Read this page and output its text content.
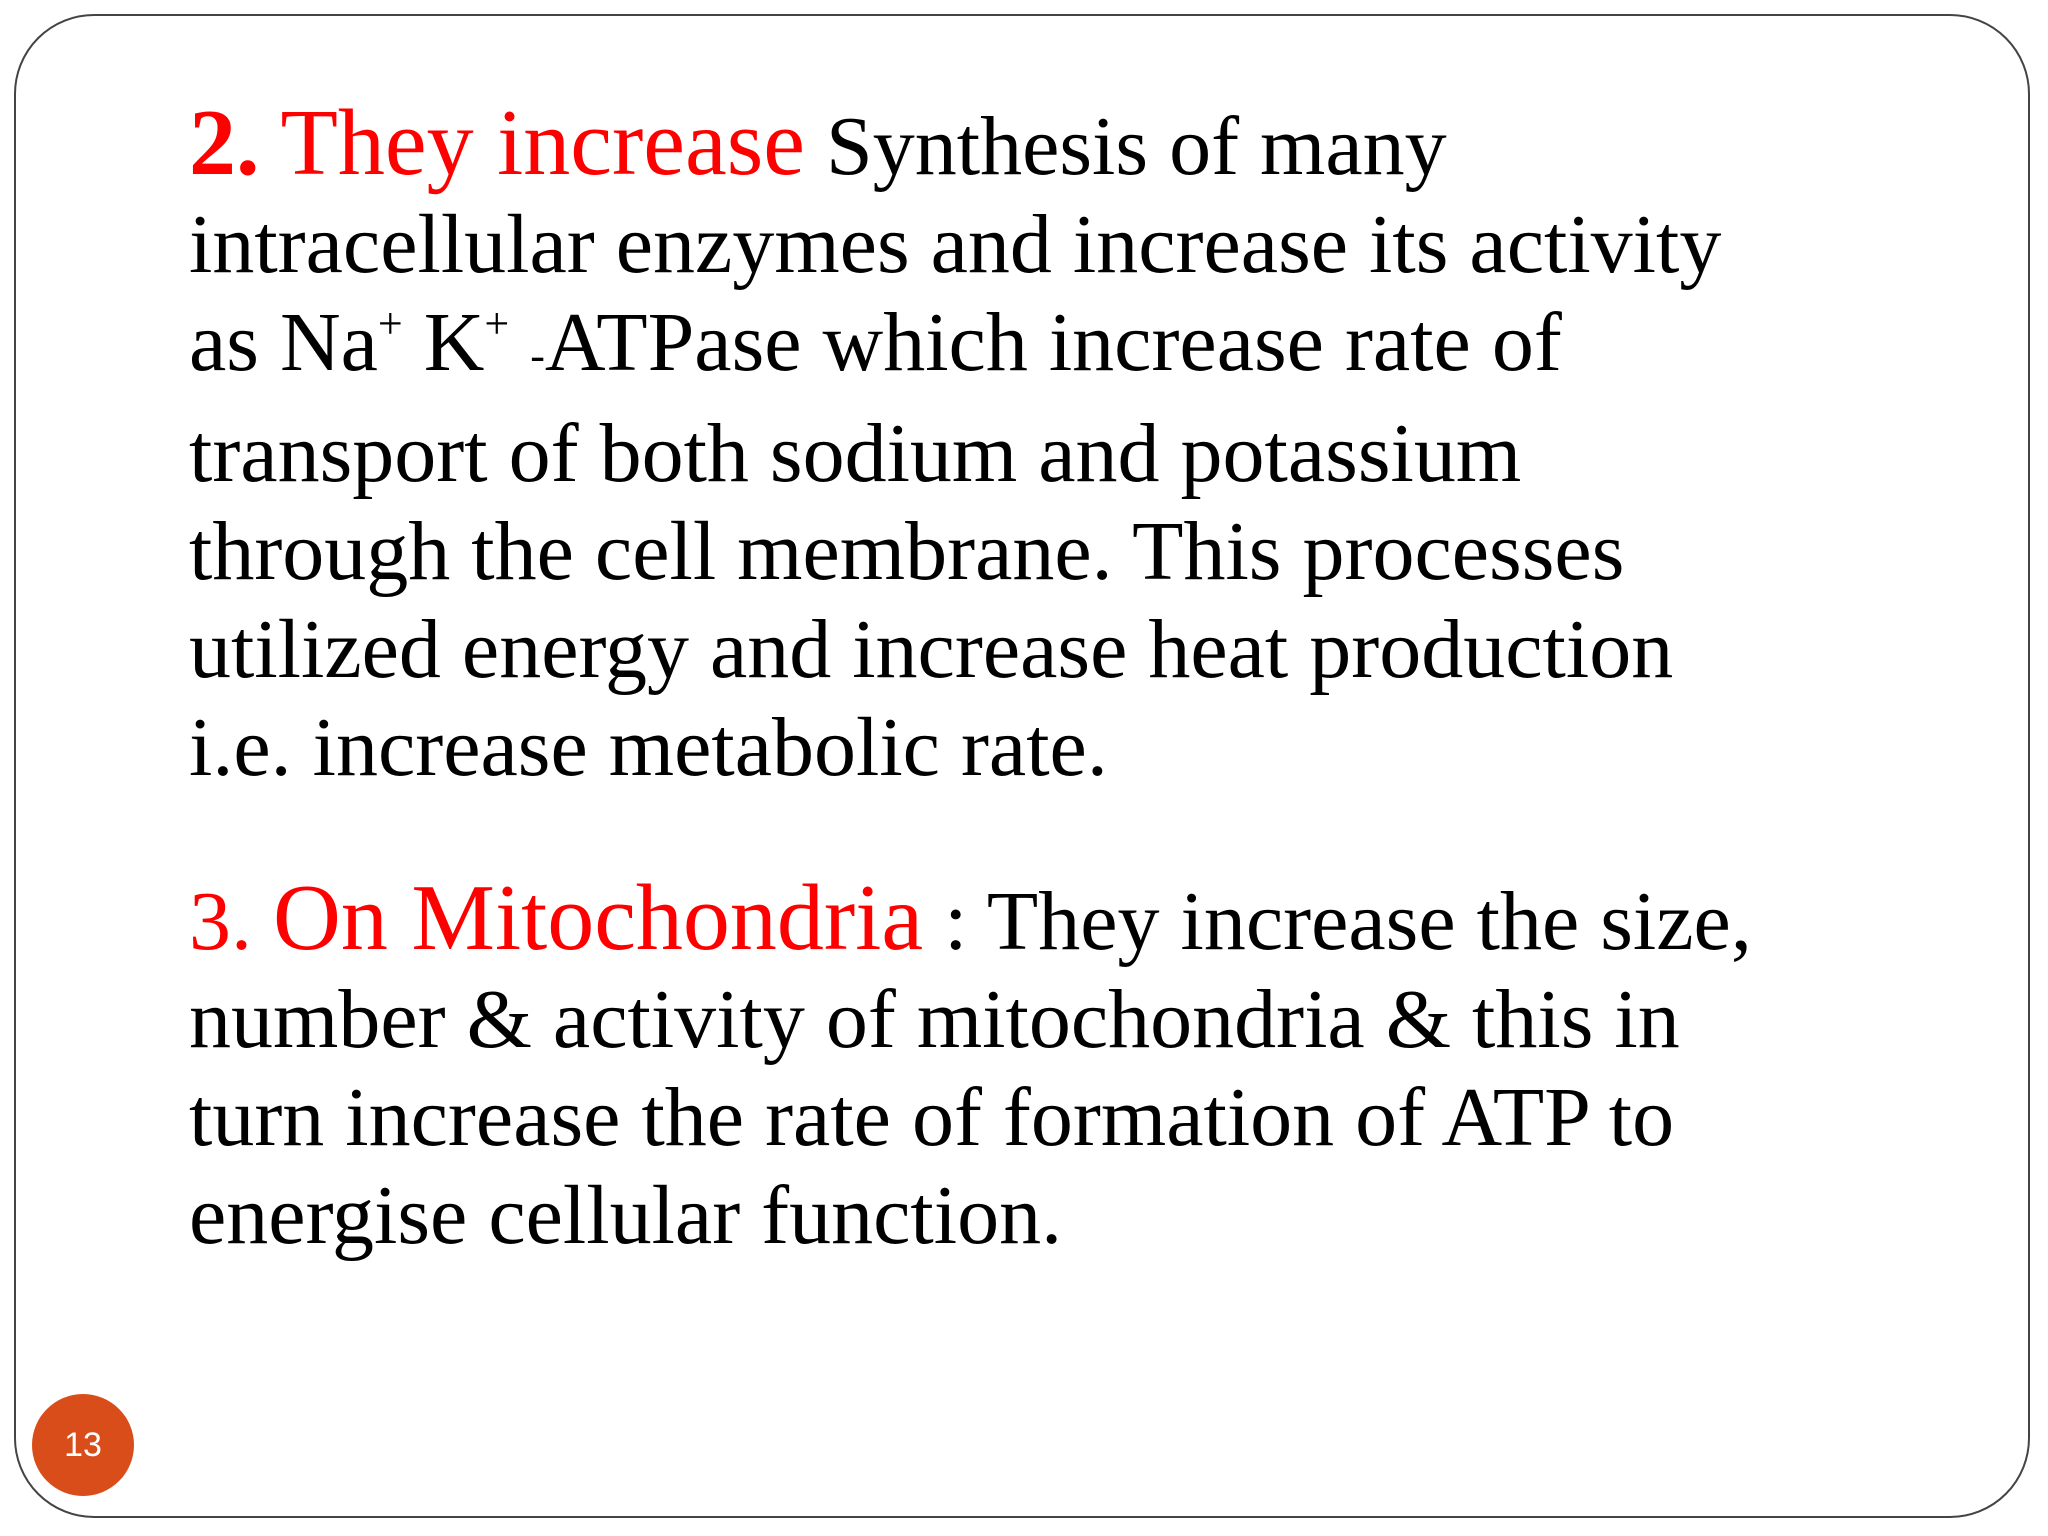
2. They increase Synthesis of many
intracellular enzymes and increase its activity
as Na+ K+ -ATPase which increase rate of
transport of both sodium and potassium
through the cell membrane. This processes
utilized energy and increase heat production
i.e. increase metabolic rate.
3. On Mitochondria : They increase the size,
number & activity of mitochondria & this in
turn increase the rate of formation of ATP to
energise cellular function.
13
